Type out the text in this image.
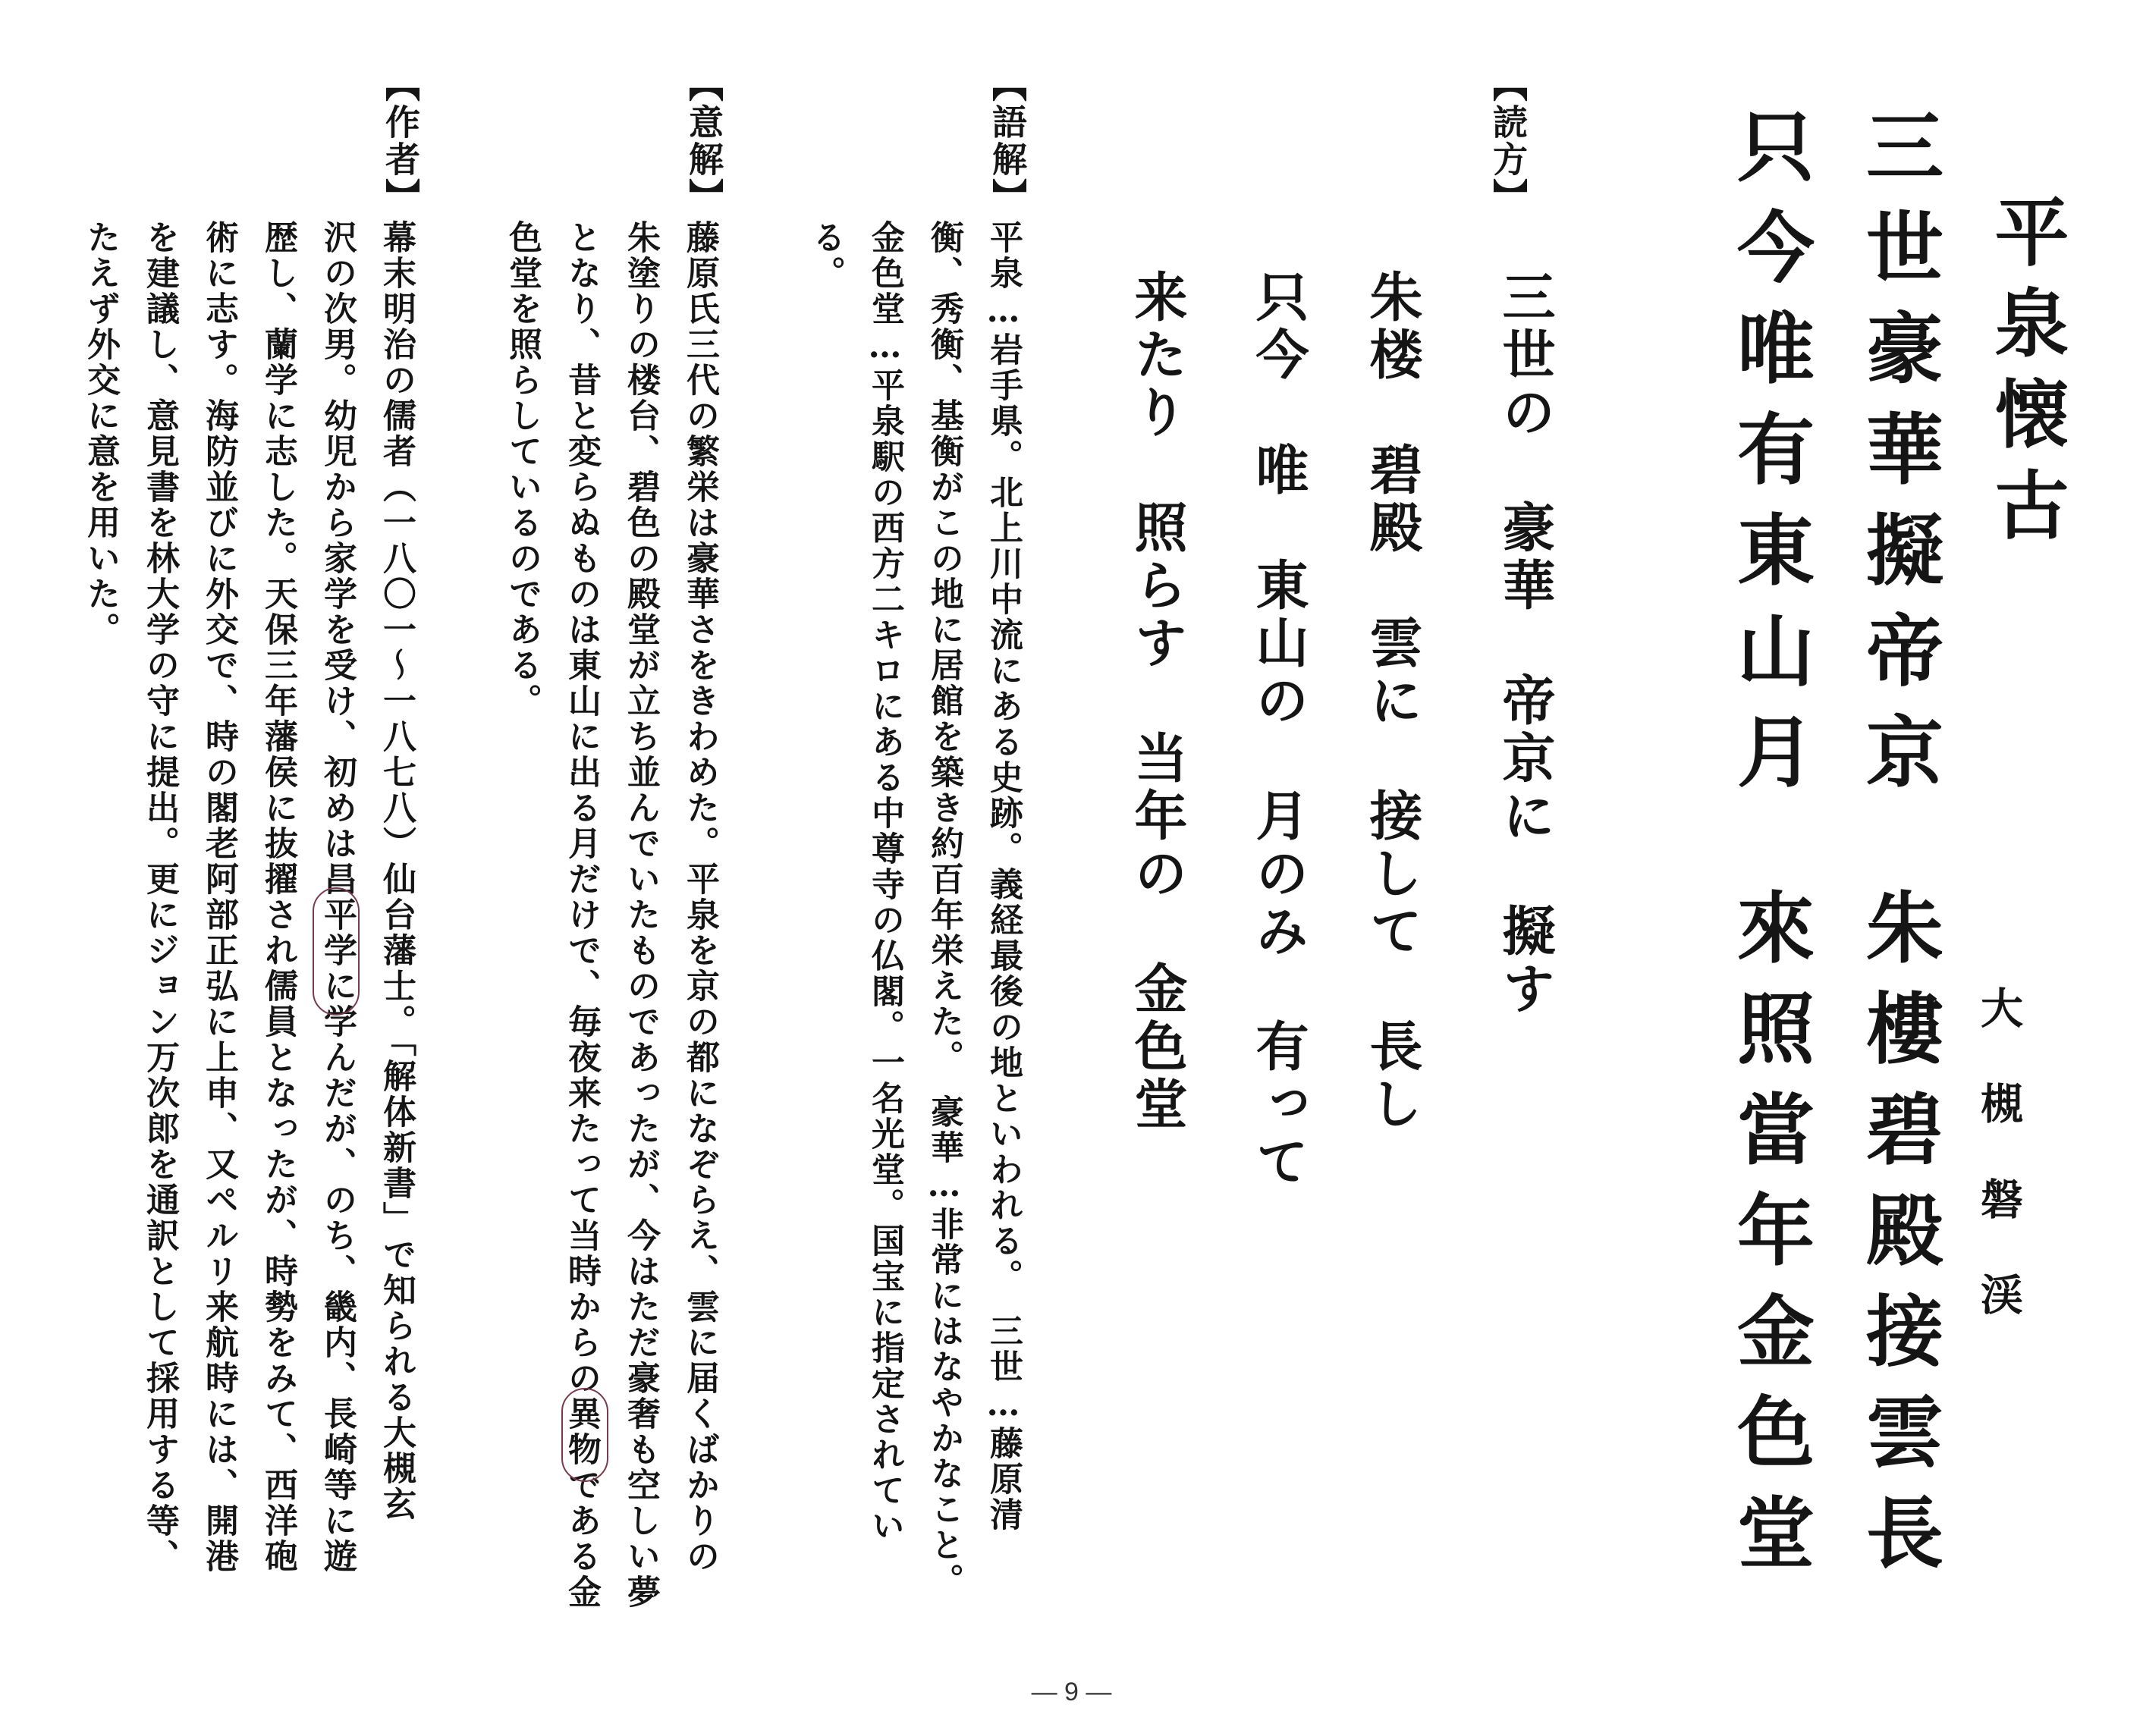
平泉懐古
三世豪華擬帝京
只今唯有東山月
朱樓碧殿接雲長
來照當年金色堂	大槻磐渓
【読方】
三世の　豪華　帝京に　擬す
朱楼　碧殿　雲に　接して　長し
只今　唯　東山の　月のみ　有って
来たり　照らす　当年の　金色堂
【語解】
平泉…岩手県。北上川中流にある史跡。義経最後の地といわれる。　三世…藤原清
衡、秀衡、基衡がこの地に居館を築き約百年栄えた。　豪華…非常にはなやかなこと。
金色堂…平泉駅の西方二キロにある中尊寺の仏閣。一名光堂。国宝に指定されてい
る。
【意解】
藤原氏三代の繁栄は豪華さをきわめた。平泉を京の都になぞらえ、雲に届くばかりの
朱塗りの楼台、碧色の殿堂が立ち並んでいたものであったが、今はただ豪奢も空しい夢
となり、昔と変らぬものは東山に出る月だけで、毎夜来たって当時からの異物である金
色堂を照らしているのである。
【作者】
幕末明治の儒者（一八〇一〜一八七八）仙台藩士。「解体新書」で知られる大槻玄
沢の次男。幼児から家学を受け、初めは昌平学に学んだが、のち、畿内、長崎等に遊
歴し、蘭学に志した。天保三年藩侯に抜擢され儒員となったが、時勢をみて、西洋砲
術に志す。海防並びに外交で、時の閣老阿部正弘に上申、又ペルリ来航時には、開港
を建議し、意見書を林大学の守に提出。更にジョン万次郎を通訳として採用する等、
たえず外交に意を用いた。
— 9 —
